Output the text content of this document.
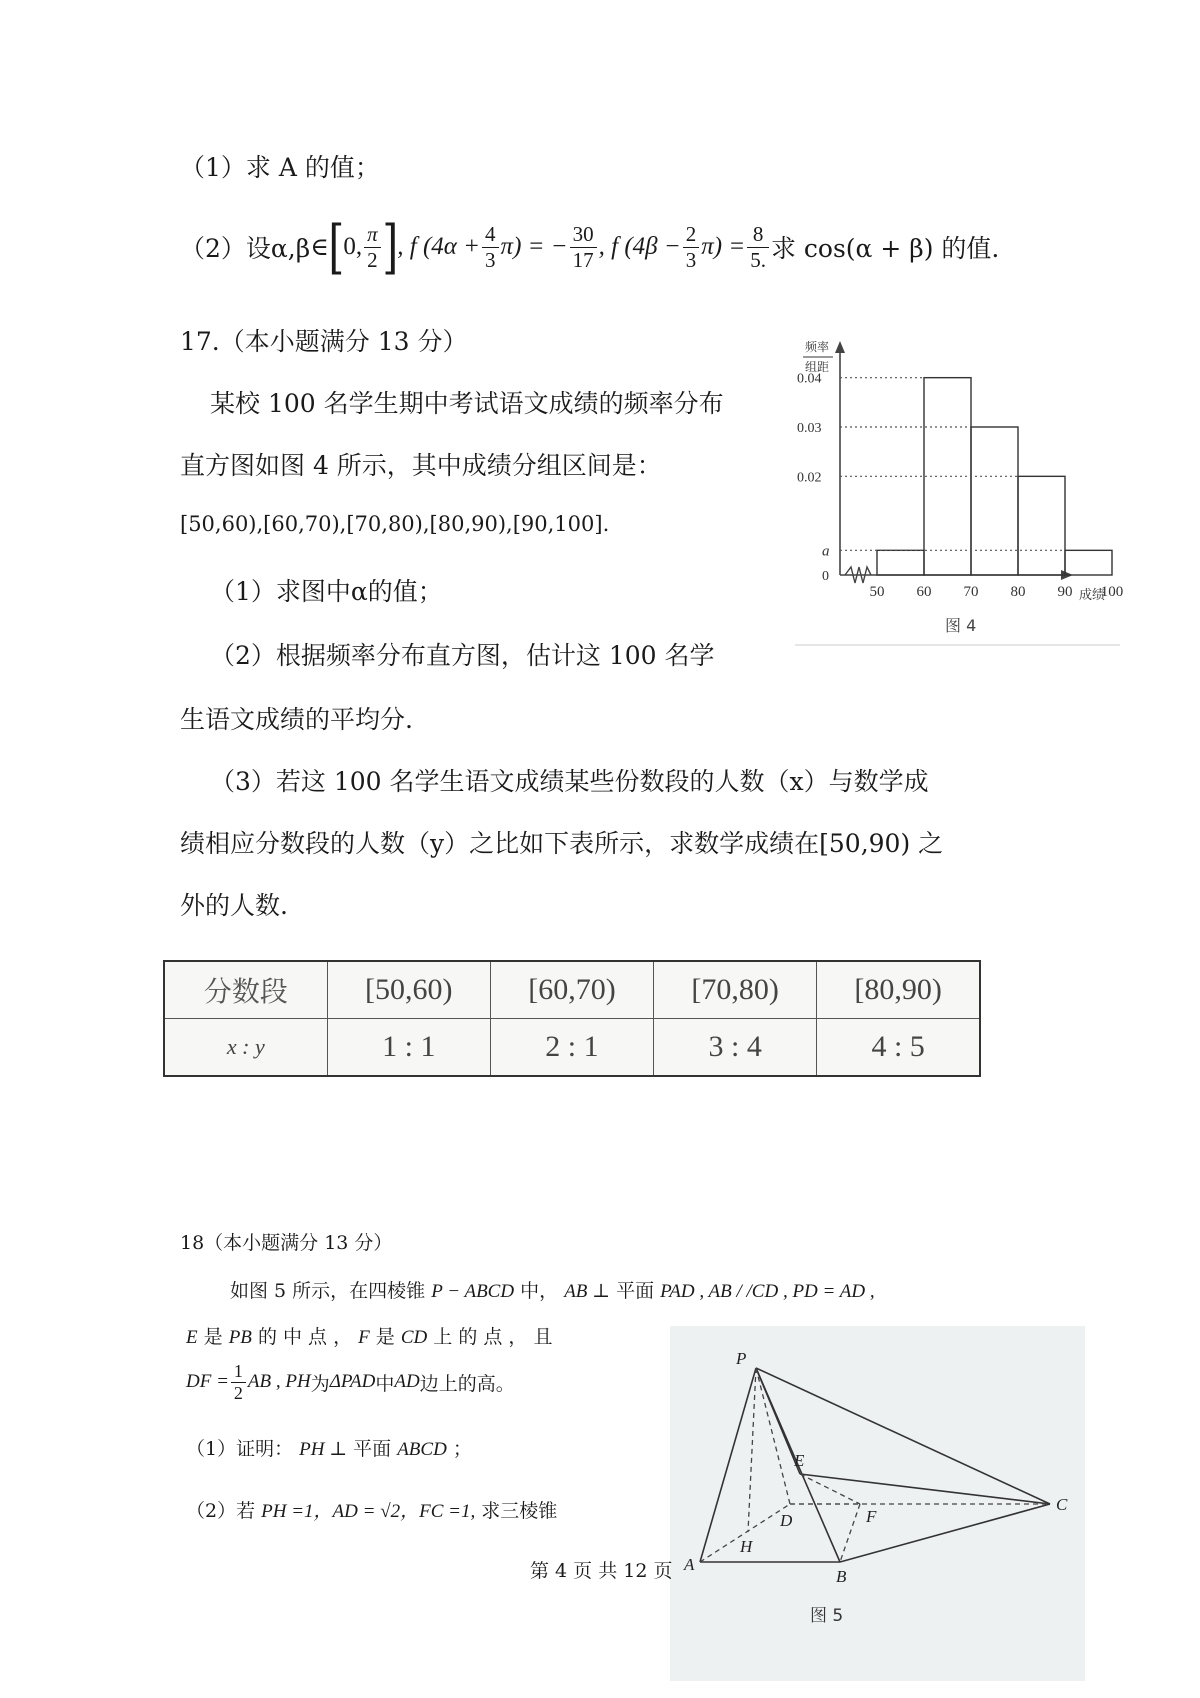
（1）求 A 的值；
（2）设α,β ∈ [ 0, $\frac{\pi}{2}$ ] , f $(4\alpha + \frac{4}{3} \pi)$ = − $\frac{30}{17}$ , f $(4\beta - \frac{2}{3} \pi) = \frac{8}{5.}$ 求 cos(α + β) 的值.
17.（本小题满分 13 分）
某校 100 名学生期中考试语文成绩的频率分布
直方图如图 4 所示，其中成绩分组区间是：
[50,60),[60,70),[70,80),[80,90),[90,100].
（1）求图中α的值；
（2）根据频率分布直方图，估计这 100 名学
生语文成绩的平均分.
（3）若这 100 名学生语文成绩某些份数段的人数（x）与数学成
绩相应分数段的人数（y）之比如下表所示，求数学成绩在[50,90) 之
外的人数.
频率
组距
0.04
0.03
0.02
a
0
50 60 70 80 90 100
成绩
图 4
分数段	[50,60)	[60,70)	[70,80)	[80,90)
x : y	1 : 1	2 : 1	3 : 4	4 : 5
18（本小题满分 13 分）
如图 5 所示，在四棱锥 P − ABCD 中， AB ⊥ 平面 PAD , AB / /CD , PD = AD ,
E 是 PB 的 中 点 ， F 是 CD 上 的 点 ， 且
DF = $\frac{1}{2}$ AB , PH 为 ΔPAD 中 AD 边上的高。
（1）证明： PH ⊥ 平面 ABCD ；
（2）若 PH =1，AD = √2，FC =1, 求三棱锥
P
E
D	F
C
H
A
B
图 5
第 4 页 共 12 页
